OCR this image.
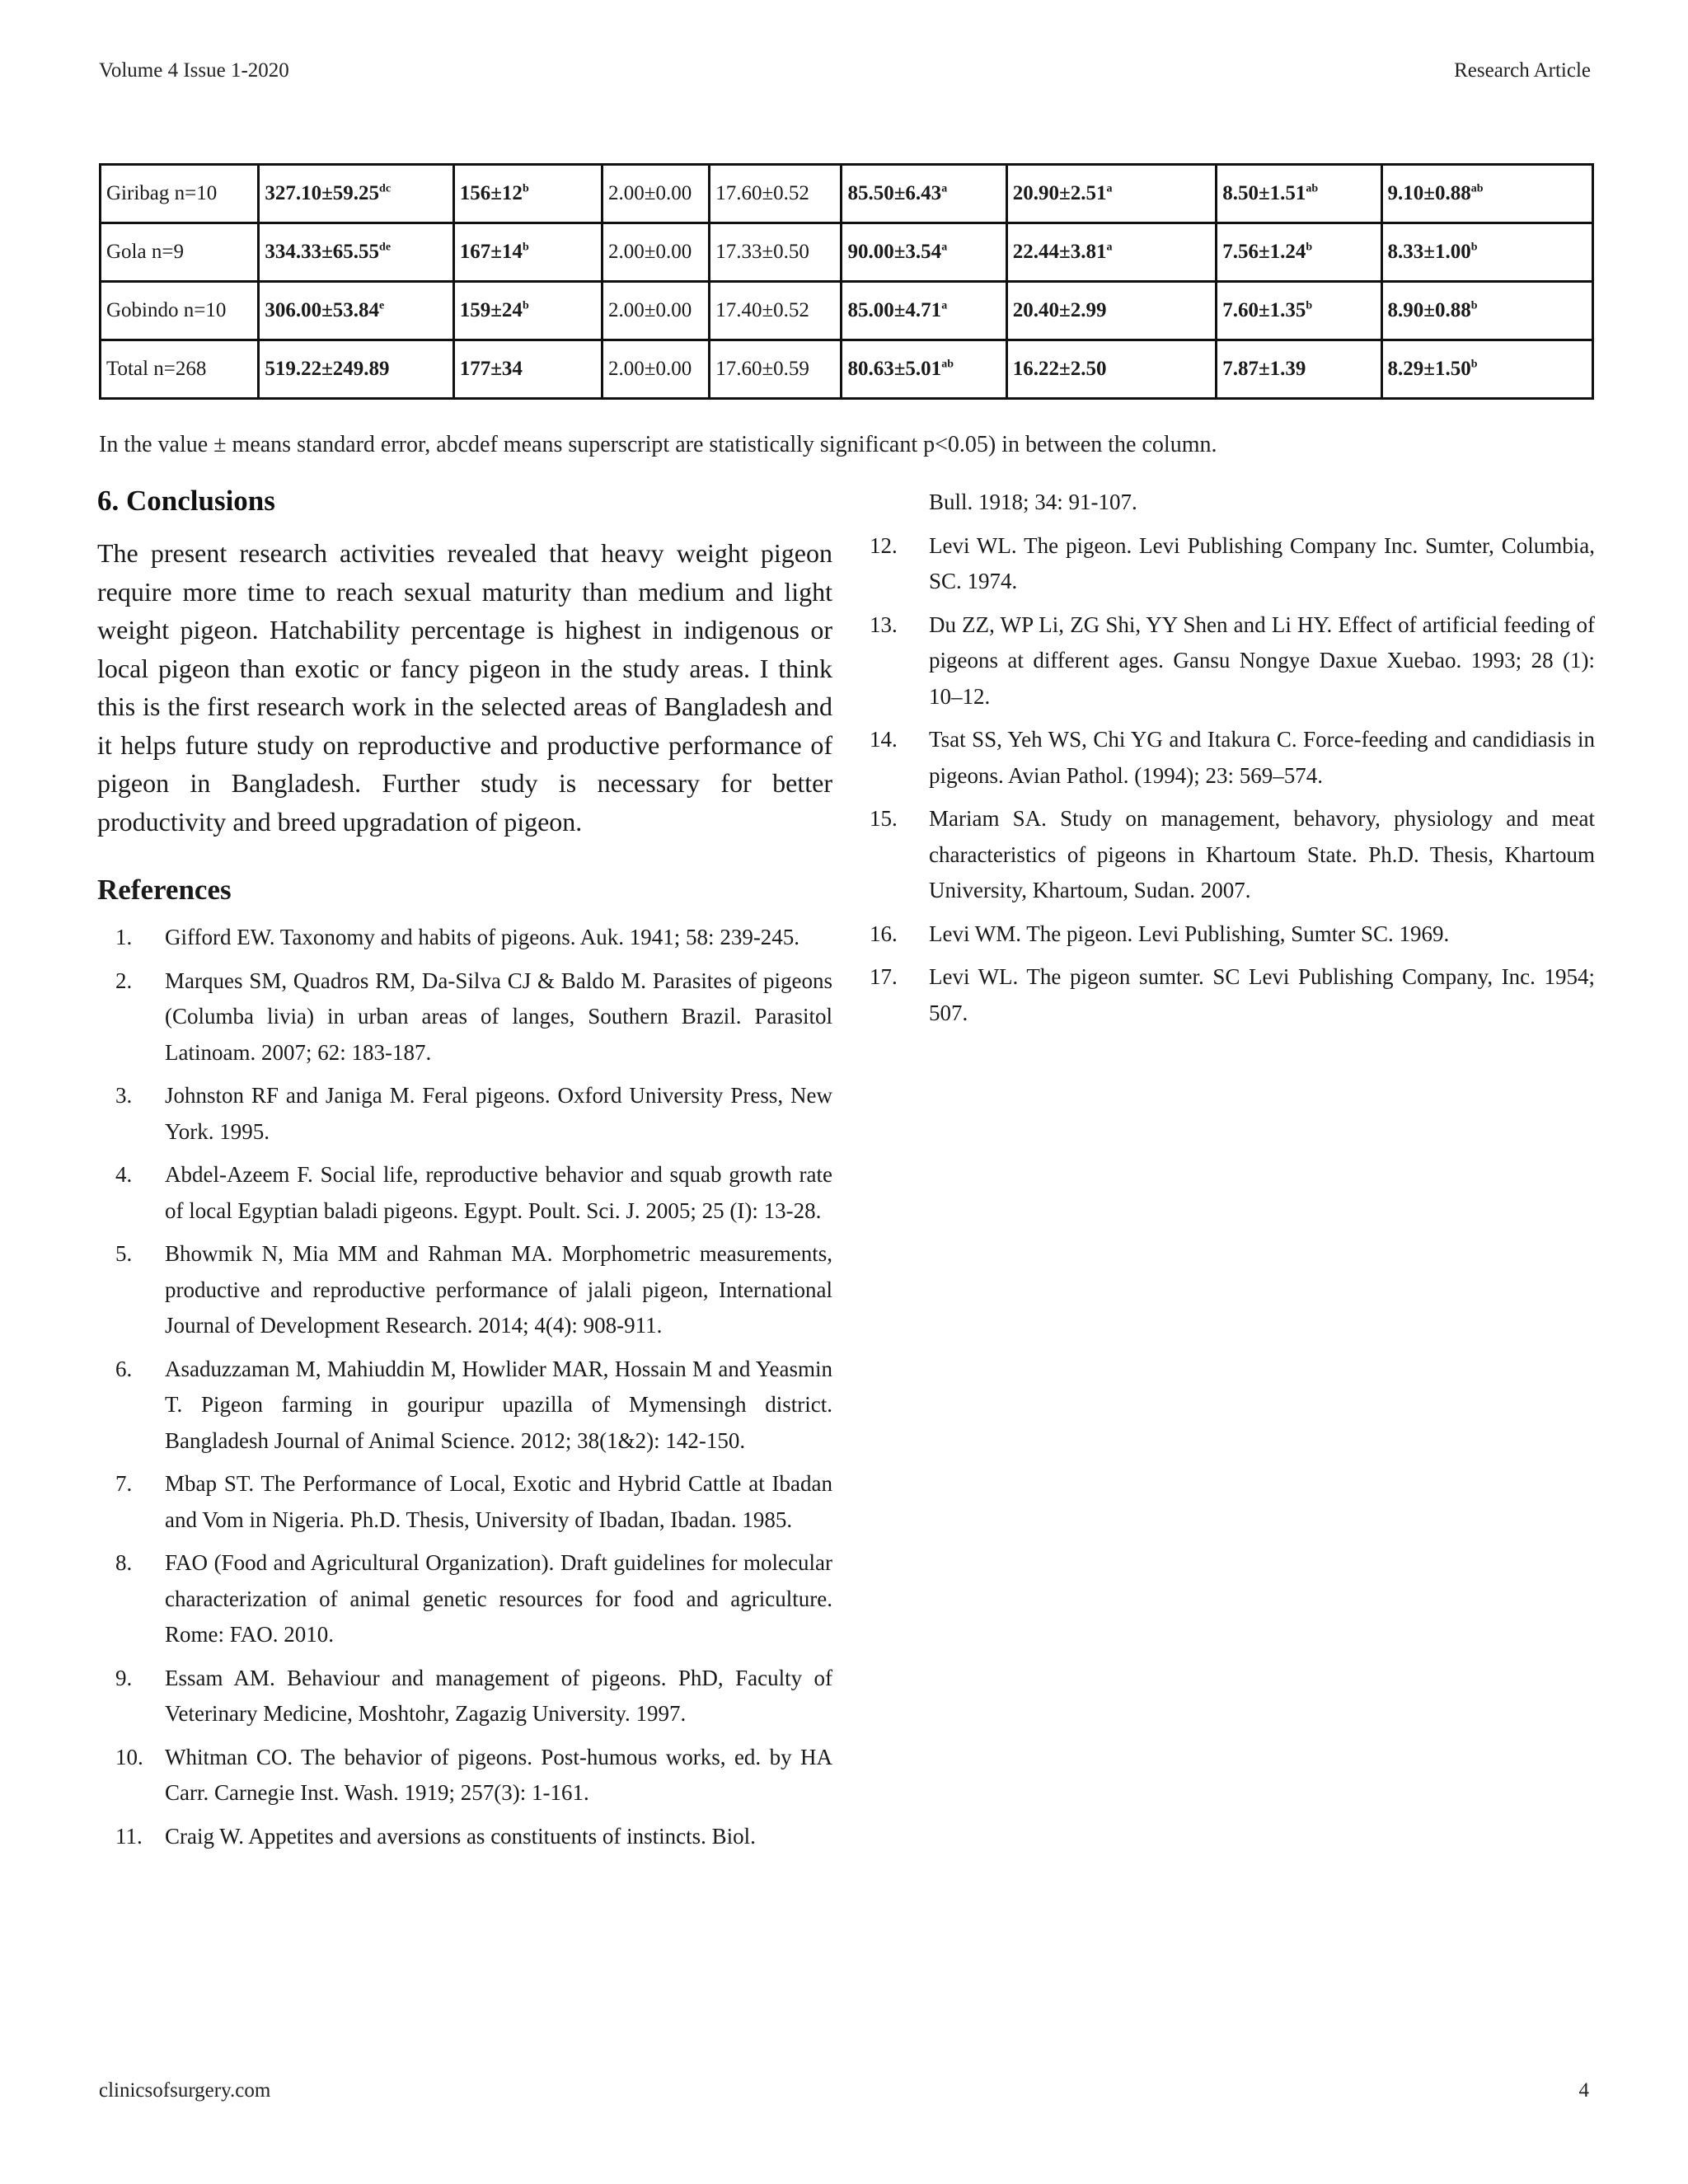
Volume 4 Issue 1-2020	Research Article
Giribag n=10	327.10±59.25$^{dc}$	$156\pm 12^b$	2.00±0.00	17.60±0.52	85.50±6.43$^a$	20.90±2.51$^a$	8.50±1.51$^{ab}$	9.10±0.88$^{ab}$
Gola n=9	334.33±65.55de	$167\pm 14^b$	2.00±0.00	17.33±0.50	90.00±3.54$^a$	22.44±3.81$^a$	7.56±1.24$^b$	8.33±1.00$^b$
Gobindo n=10	306.00±53.84$^e$	$159\pm 24^b$	2.00±0.00	17.40±0.52	85.00±4.71$^a$	20.40±2.99	7.60±1.35$^b$	8.90±0.88$^b$
Total n=268	519.22±249.89	177±34	2.00±0.00	17.60±0.59	80.63±5.01$^{ab}$	16.22±2.50	7.87±1.39	8.29±1.50$^b$
In the value ± means standard error, abcdef means superscript are statistically significant p<0.05) in between the column.
6. Conclusions

The present research activities revealed that heavy weight pigeon require more time to reach sexual maturity than medium and light weight pigeon. Hatchability percentage is highest in indigenous or local pigeon than exotic or fancy pigeon in the study areas. I think this is the first research work in the selected areas of Bangladesh and it helps future study on reproductive and productive performance of pigeon in Bangladesh. Further study is necessary for better productivity and breed upgradation of pigeon.

References
1. Gifford EW. Taxonomy and habits of pigeons. Auk. 1941; 58: 239-245.
2. Marques SM, Quadros RM, Da-Silva CJ & Baldo M. Parasites of pigeons (Columba livia) in urban areas of langes, Southern Brazil. Parasitol Latinoam. 2007; 62: 183-187.
3. Johnston RF and Janiga M. Feral pigeons. Oxford University Press, New York. 1995.
4. Abdel-Azeem F. Social life, reproductive behavior and squab growth rate of local Egyptian baladi pigeons. Egypt. Poult. Sci. J. 2005; 25 (I): 13-28.
5. Bhowmik N, Mia MM and Rahman MA. Morphometric measurements, productive and reproductive performance of jalali pigeon, International Journal of Development Research. 2014; 4(4): 908-911.
6. Asaduzzaman M, Mahiuddin M, Howlider MAR, Hossain M and Yeasmin T. Pigeon farming in gouripur upazilla of Mymensingh district. Bangladesh Journal of Animal Science. 2012; 38(1&2): 142-150.
7. Mbap ST. The Performance of Local, Exotic and Hybrid Cattle at Ibadan and Vom in Nigeria. Ph.D. Thesis, University of Ibadan, Ibadan. 1985.
8. FAO (Food and Agricultural Organization). Draft guidelines for molecular characterization of animal genetic resources for food and agriculture. Rome: FAO. 2010.
9. Essam AM. Behaviour and management of pigeons. PhD, Faculty of Veterinary Medicine, Moshtohr, Zagazig University. 1997.
10. Whitman CO. The behavior of pigeons. Post-humous works, ed. by HA Carr. Carnegie Inst. Wash. 1919; 257(3): 1-161.
11. Craig W. Appetites and aversions as constituents of instincts. Biol.
Bull. 1918; 34: 91-107.
12. Levi WL. The pigeon. Levi Publishing Company Inc. Sumter, Columbia, SC. 1974.
13. Du ZZ, WP Li, ZG Shi, YY Shen and Li HY. Effect of artificial feeding of pigeons at different ages. Gansu Nongye Daxue Xuebao. 1993; 28 (1): 10–12.
14. Tsat SS, Yeh WS, Chi YG and Itakura C. Force-feeding and candidiasis in pigeons. Avian Pathol. (1994); 23: 569–574.
15. Mariam SA. Study on management, behavory, physiology and meat characteristics of pigeons in Khartoum State. Ph.D. Thesis, Khartoum University, Khartoum, Sudan. 2007.
16. Levi WM. The pigeon. Levi Publishing, Sumter SC. 1969.
17. Levi WL. The pigeon sumter. SC Levi Publishing Company, Inc. 1954; 507.
clinicsofsurgery.com	4
